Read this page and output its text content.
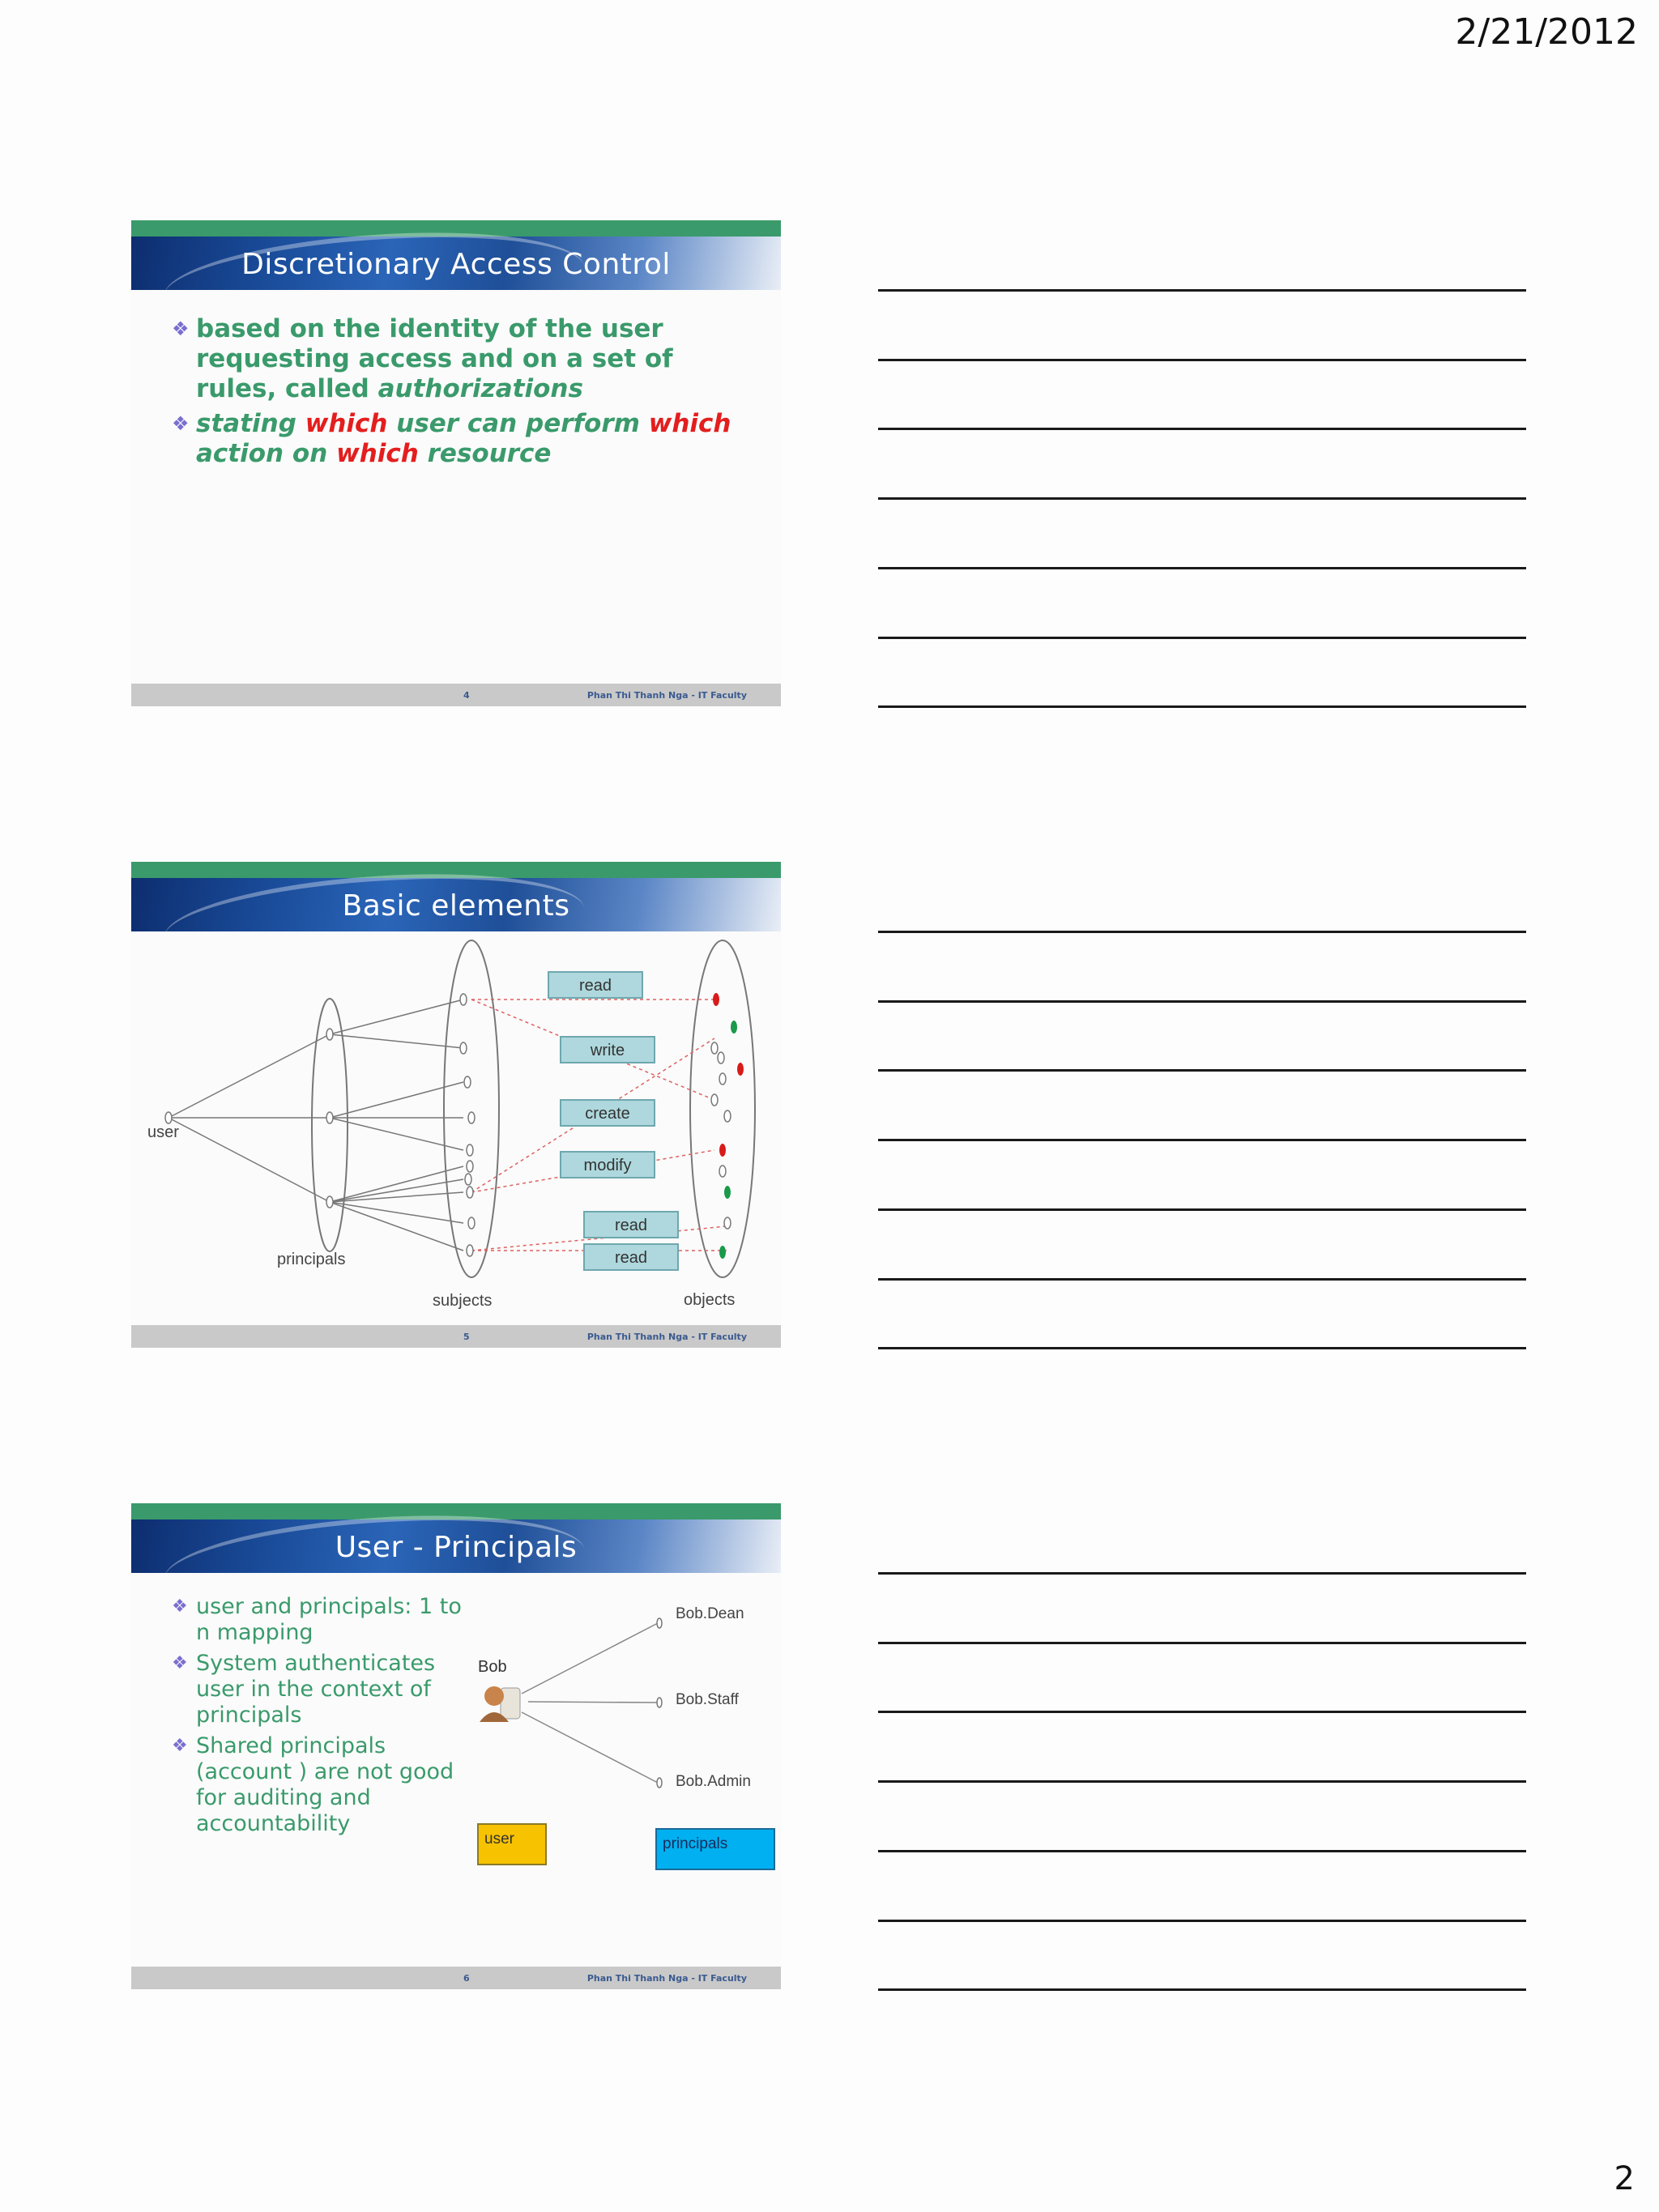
2/21/2012
Discretionary Access Control
❖ based on the identity of the user requesting access and on a set of rules, called authorizations
❖ stating which user can perform which action on which resource
4	Phan Thi Thanh Nga - IT Faculty
Basic elements
read
write
create
modify
read
read
user
principals
subjects	objects
5	Phan Thi Thanh Nga - IT Faculty
User - Principals
❖ user and principals: 1 to n mapping
❖ System authenticates user in the context of principals
❖ Shared principals (account ) are not good for auditing and accountability
Bob
Bob.Dean
Bob.Staff
Bob.Admin
user	principals
6	Phan Thi Thanh Nga - IT Faculty
2
